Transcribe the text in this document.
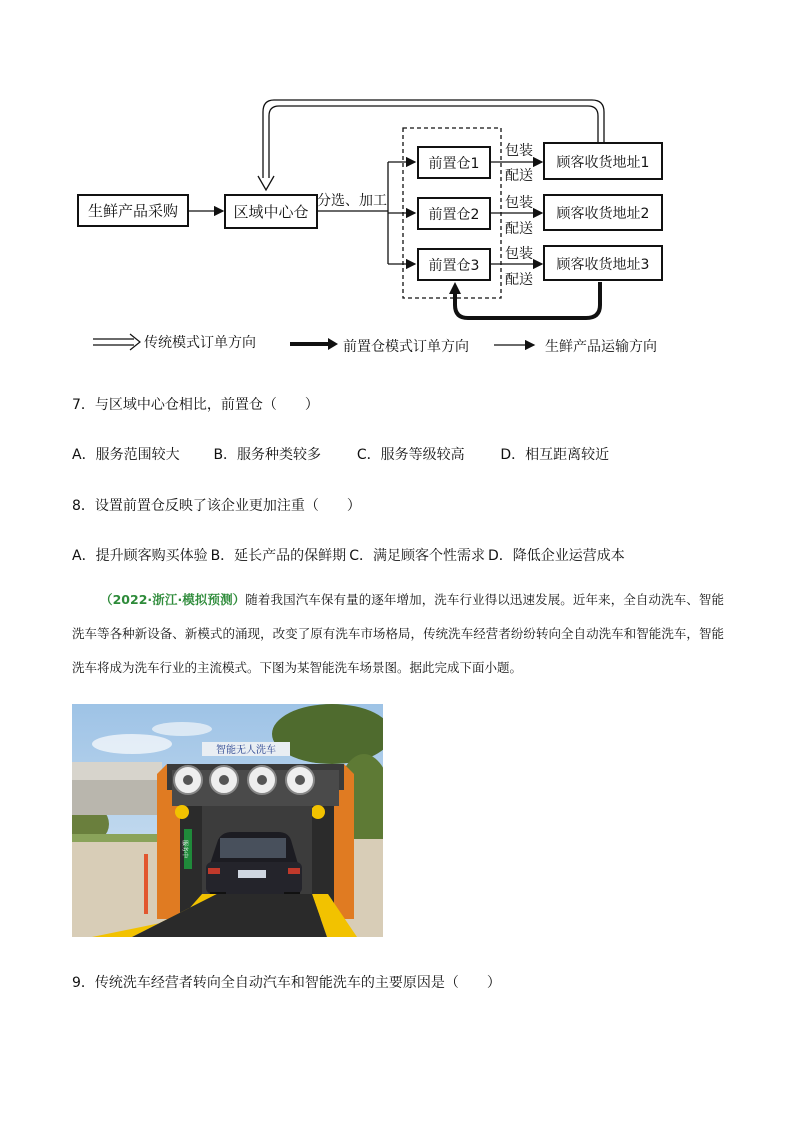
生鲜产品采购	区域中心仓
分选、加工
前置仓1
前置仓2
前置仓3
包装
配送
包装
配送
包装
配送
顾客收货地址1
顾客收货地址2
顾客收货地址3
传统模式订单方向	前置仓模式订单方向	生鲜产品运输方向
7．与区域中心仓相比，前置仓（　　）
A．服务范围较大 B．服务种类较多	C．服务等级较高	D．相互距离较近
8．设置前置仓反映了该企业更加注重（　　）
A．提升顾客购买体验 B．延长产品的保鲜期 C．满足顾客个性需求 D．降低企业运营成本
（2022·浙江·模拟预测）随着我国汽车保有量的逐年增加，洗车行业得以迅速发展。近年来，全自动洗车、智能洗车等各种新设备、新模式的涌现，改变了原有洗车市场格局，传统洗车经营者纷纷转向全自动洗车和智能洗车，智能洗车将成为洗车行业的主流模式。下图为某智能洗车场景图。据此完成下面小题。
智能无人洗车
服务中
9．传统洗车经营者转向全自动汽车和智能洗车的主要原因是（　　）
